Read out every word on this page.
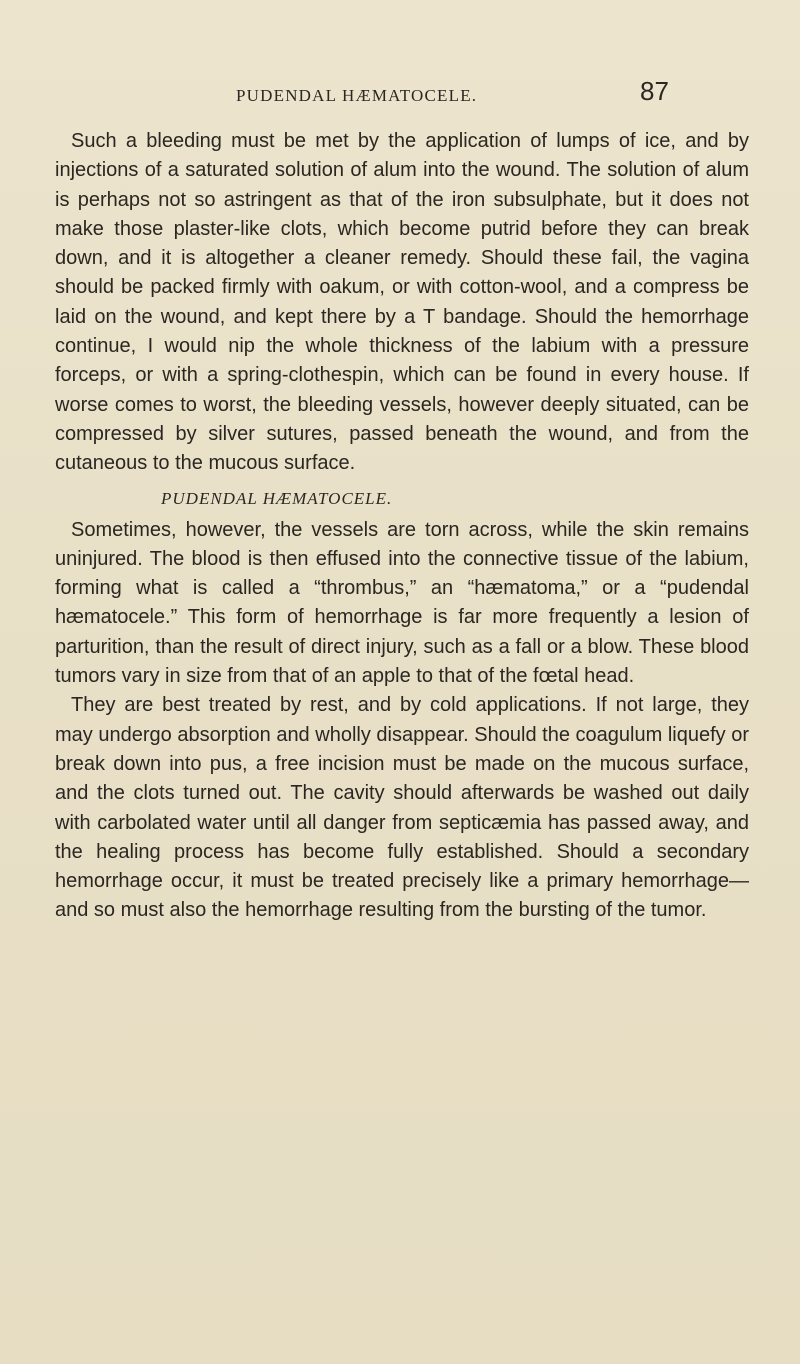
PUDENDAL HÆMATOCELE.	87

Such a bleeding must be met by the application of lumps of ice, and by injections of a saturated solution of alum into the wound. The solution of alum is perhaps not so astringent as that of the iron subsulphate, but it does not make those plaster-like clots, which become putrid before they can break down, and it is altogether a cleaner remedy. Should these fail, the vagina should be packed firmly with oakum, or with cotton-wool, and a compress be laid on the wound, and kept there by a T bandage. Should the hemorrhage continue, I would nip the whole thickness of the labium with a pressure forceps, or with a spring-clothespin, which can be found in every house. If worse comes to worst, the bleeding vessels, however deeply situated, can be compressed by silver sutures, passed beneath the wound, and from the cutaneous to the mucous surface.

PUDENDAL HÆMATOCELE.

Sometimes, however, the vessels are torn across, while the skin remains uninjured. The blood is then effused into the connective tissue of the labium, forming what is called a “thrombus,” an “hæmatoma,” or a “pudendal hæmatocele.” This form of hemorrhage is far more frequently a lesion of parturition, than the result of direct injury, such as a fall or a blow. These blood tumors vary in size from that of an apple to that of the fœtal head.

They are best treated by rest, and by cold applications. If not large, they may undergo absorption and wholly disappear. Should the coagulum liquefy or break down into pus, a free incision must be made on the mucous surface, and the clots turned out. The cavity should afterwards be washed out daily with carbolated water until all danger from septicæmia has passed away, and the healing process has become fully established. Should a secondary hemorrhage occur, it must be treated precisely like a primary hemorrhage—and so must also the hemorrhage resulting from the bursting of the tumor.
